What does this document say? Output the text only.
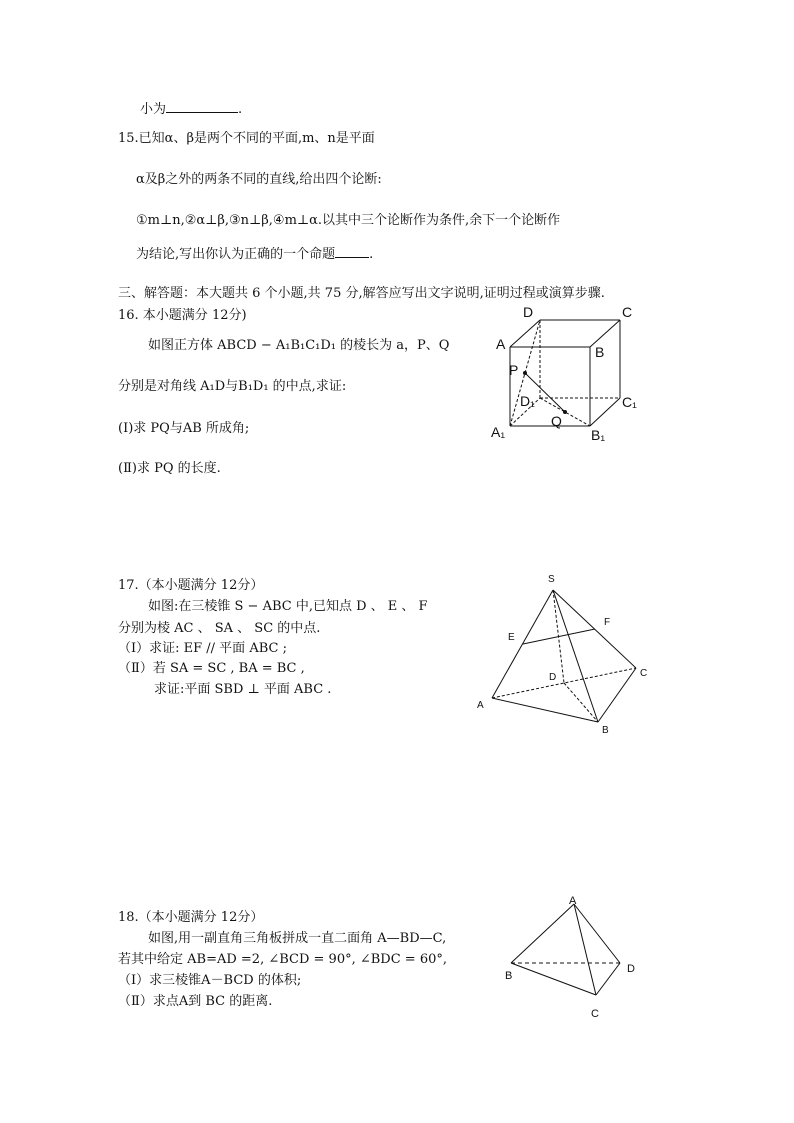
小为	.
15.已知α、β是两个不同的平面,m、n是平面
α及β之外的两条不同的直线,给出四个论断:
①m⊥n,②α⊥β,③n⊥β,④m⊥α.以其中三个论断作为条件,余下一个论断作
为结论,写出你认为正确的一个命题	.
三、解答题：本大题共 6 个小题,共 75 分,解答应写出文字说明,证明过程或演算步骤.
16. 本小题满分 12分)
如图正方体 ABCD − A₁B₁C₁D₁ 的棱长为 a，P、Q
分别是对角线 A₁D与B₁D₁ 的中点,求证:
(Ⅰ)求 PQ与AB 所成角;
(Ⅱ)求 PQ 的长度.
D	C
A	B
P
D₁	C₁
Q
A₁	B₁
17.（本小题满分 12分）
如图:在三棱锥 S − ABC 中,已知点 D 、 E 、 F
分别为棱 AC 、 SA 、 SC 的中点.
（Ⅰ）求证: EF // 平面 ABC ;
（Ⅱ）若 SA = SC , BA = BC ,
求证:平面 SBD ⊥ 平面 ABC .
S
E
F
D	C
A
B
18.（本小题满分 12分）
如图,用一副直角三角板拼成一直二面角 A—BD—C,
若其中给定 AB=AD =2, ∠BCD = 90°, ∠BDC = 60°,
（Ⅰ）求三棱锥A－BCD 的体积;
（Ⅱ）求点A到 BC 的距离.
A
B
D
C
